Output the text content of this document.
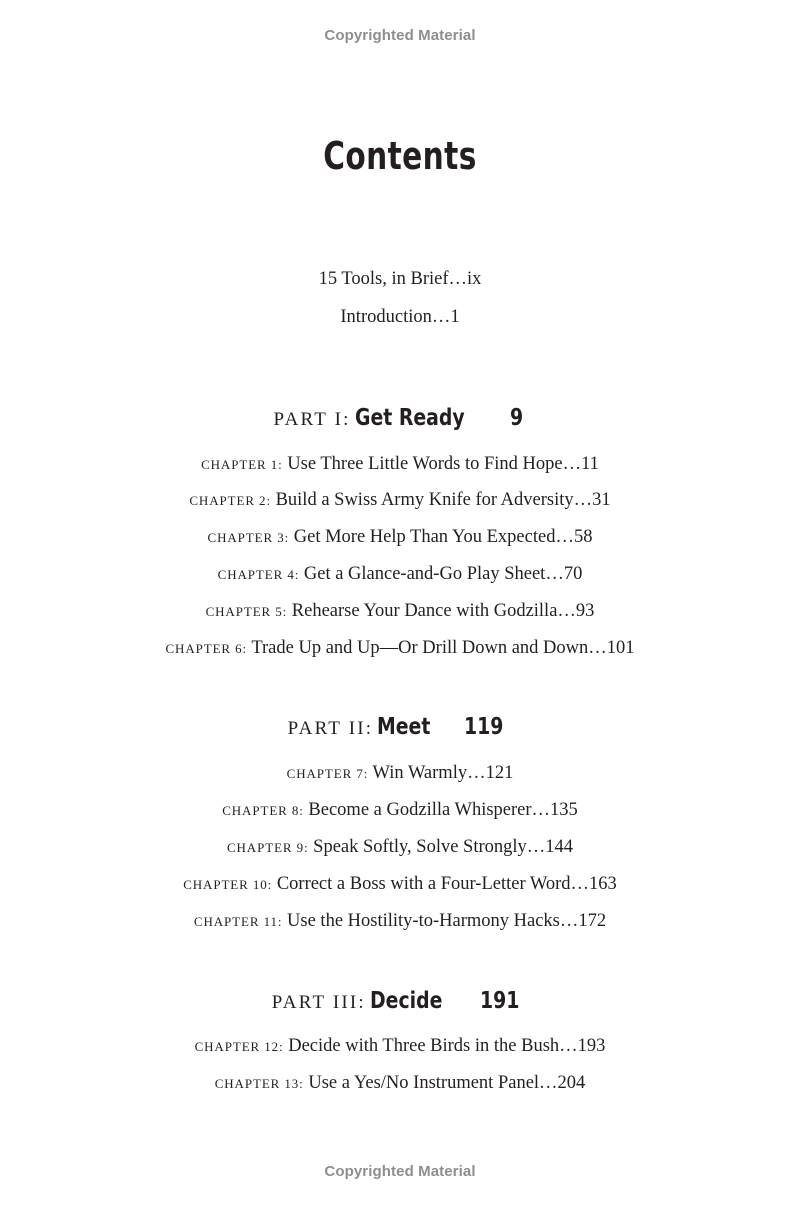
Copyrighted Material
Contents
15 Tools, in Brief…ix
Introduction…1
PART I: Get Ready 9
CHAPTER 1: Use Three Little Words to Find Hope…11
CHAPTER 2: Build a Swiss Army Knife for Adversity…31
CHAPTER 3: Get More Help Than You Expected…58
CHAPTER 4: Get a Glance-and-Go Play Sheet…70
CHAPTER 5: Rehearse Your Dance with Godzilla…93
CHAPTER 6: Trade Up and Up—Or Drill Down and Down…101
PART II: Meet 119
CHAPTER 7: Win Warmly…121
CHAPTER 8: Become a Godzilla Whisperer…135
CHAPTER 9: Speak Softly, Solve Strongly…144
CHAPTER 10: Correct a Boss with a Four-Letter Word…163
CHAPTER 11: Use the Hostility-to-Harmony Hacks…172
PART III: Decide 191
CHAPTER 12: Decide with Three Birds in the Bush…193
CHAPTER 13: Use a Yes/No Instrument Panel…204
Copyrighted Material
